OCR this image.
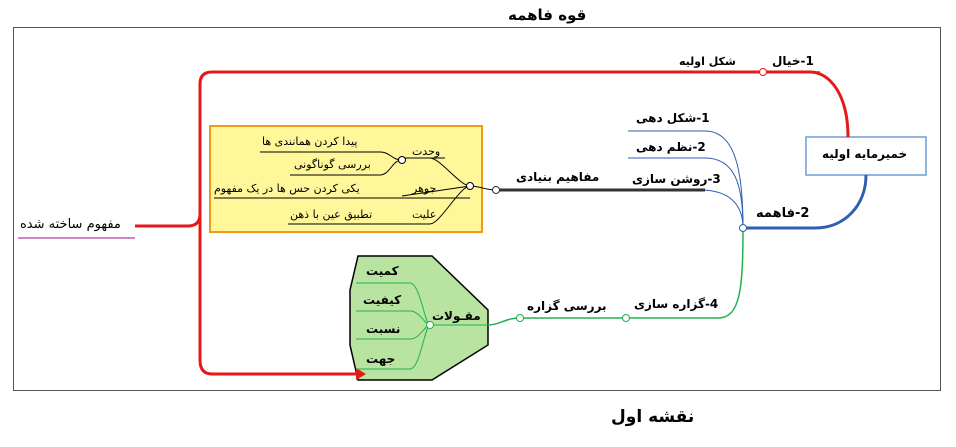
قوه فاهمه
خمیرمایه اولیه
1-خیال
شکل اولیه
2-فاهمه
1-شکل دهی
2-نظم دهی
3-روشن سازی
4-گزاره سازی
مفاهیم بنیادی
وحدت
پیدا کردن همانندی ها
بررسی گوناگونی
جوهر
یکی کردن حس ها در یک مفهوم
علیت
تطبیق عین با ذهن
بررسی گزاره
مقـولات
کمیت
کیفیت
نسبت
جهت
مفهوم ساخته شده
نقشه اول
